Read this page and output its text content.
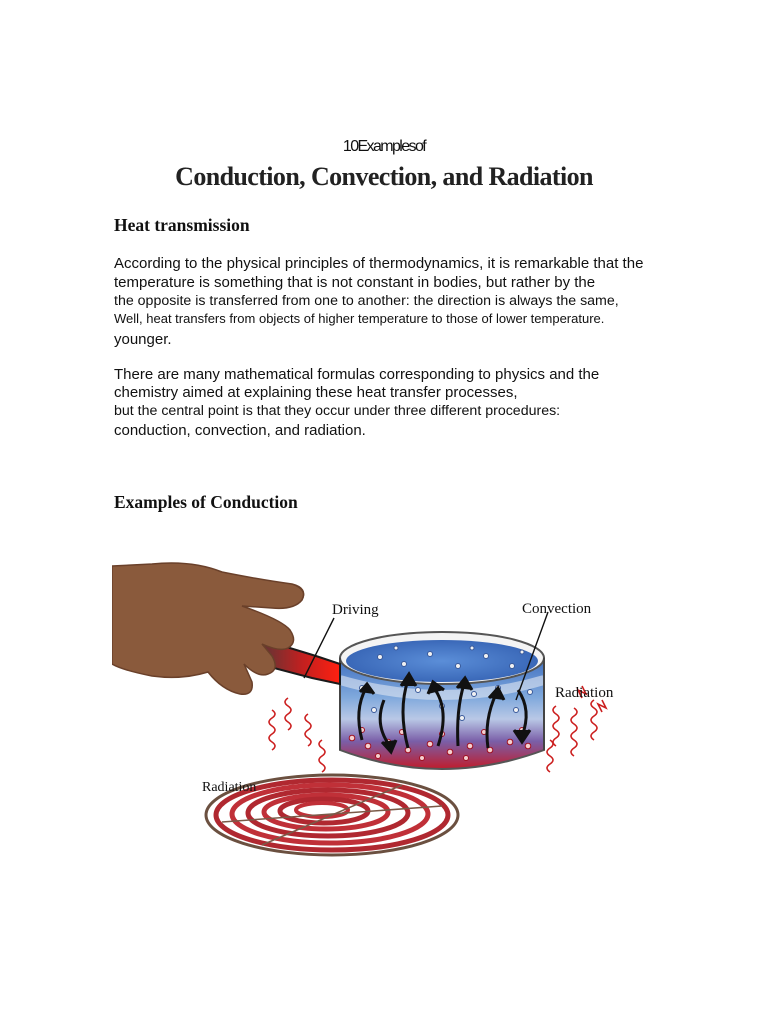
10Examplesof
Conduction, Convection, and Radiation
Heat transmission
According to the physical principles of thermodynamics, it is remarkable that the
temperature is something that is not constant in bodies, but rather by the
the opposite is transferred from one to another: the direction is always the same,
Well, heat transfers from objects of higher temperature to those of lower temperature.
younger.
There are many mathematical formulas corresponding to physics and the
chemistry aimed at explaining these heat transfer processes,
but the central point is that they occur under three different procedures:
conduction, convection, and radiation.
Examples of Conduction
Driving	Convection
Radiation
Radiation
